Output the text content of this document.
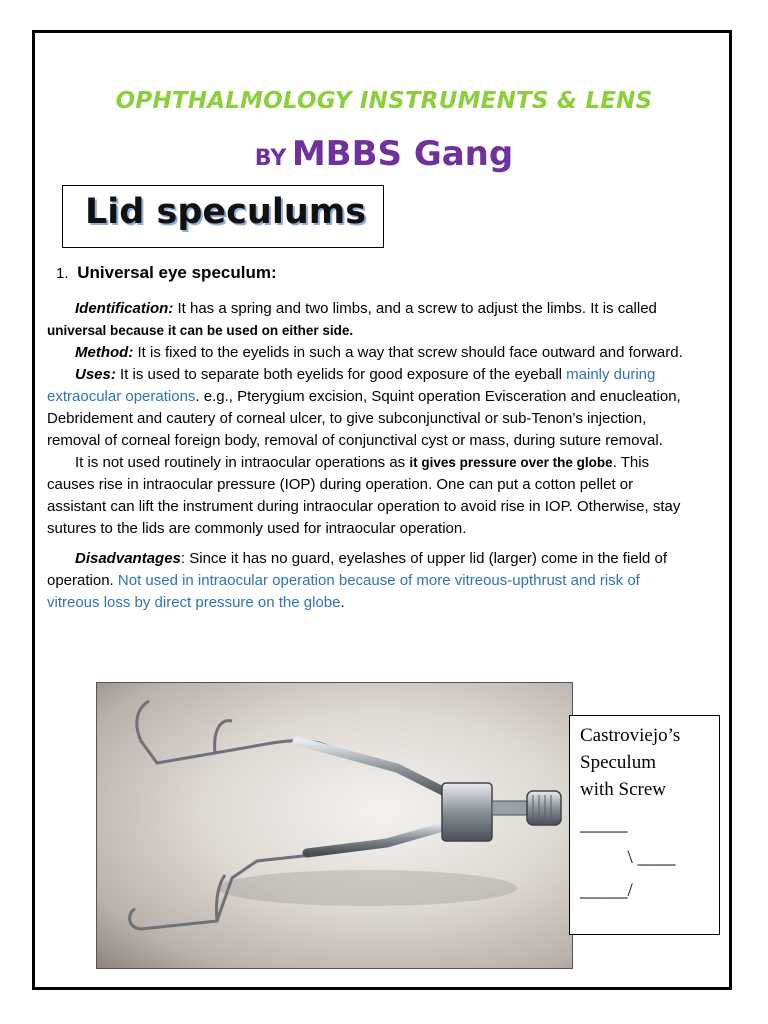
OPHTHALMOLOGY INSTRUMENTS & LENS
BY MBBS Gang
Lid speculums
1. Universal eye speculum:

Identification: It has a spring and two limbs, and a screw to adjust the limbs. It is called universal because it can be used on either side.

Method: It is fixed to the eyelids in such a way that screw should face outward and forward.

Uses: It is used to separate both eyelids for good exposure of the eyeball mainly during extraocular operations. e.g., Pterygium excision, Squint operation Evisceration and enucleation, Debridement and cautery of corneal ulcer, to give subconjunctival or sub-Tenon’s injection, removal of corneal foreign body, removal of conjunctival cyst or mass, during suture removal.

It is not used routinely in intraocular operations as it gives pressure over the globe. This causes rise in intraocular pressure (IOP) during operation. One can put a cotton pellet or assistant can lift the instrument during intraocular operation to avoid rise in IOP. Otherwise, stay sutures to the lids are commonly used for intraocular operation.

Disadvantages: Since it has no guard, eyelashes of upper lid (larger) come in the field of operation. Not used in intraocular operation because of more vitreous-upthrust and risk of vitreous loss by direct pressure on the globe.

Castroviejo’s
Speculum
with Screw
_____
\ ____
_____/
